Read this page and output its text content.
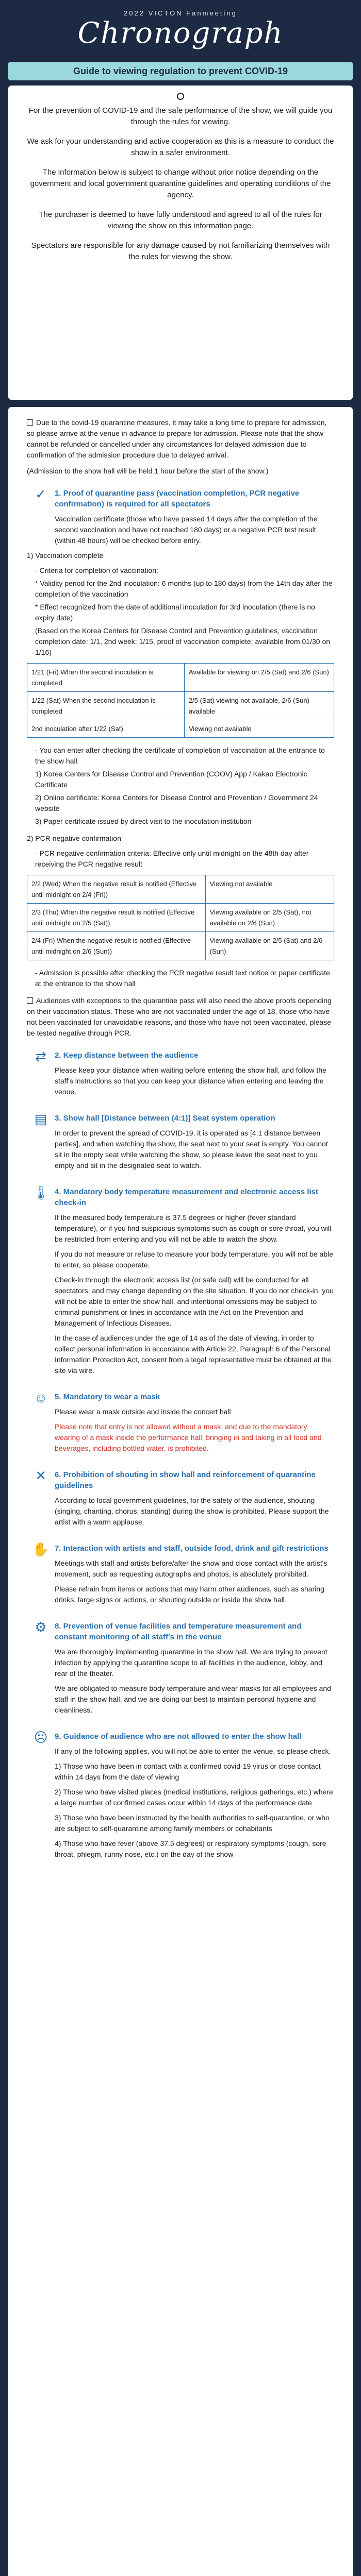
2022 VICTON Fanmeeting
Chronograph
Guide to viewing regulation to prevent COVID-19

For the prevention of COVID-19 and the safe performance of the show, we will guide you through the rules for viewing.

We ask for your understanding and active cooperation as this is a measure to conduct the show in a safer environment.

The information below is subject to change without prior notice depending on the government and local government quarantine guidelines and operating conditions of the agency.

The purchaser is deemed to have fully understood and agreed to all of the rules for viewing the show on this information page.

Spectators are responsible for any damage caused by not familiarizing themselves with the rules for viewing the show.

Due to the covid-19 quarantine measures, it may take a long time to prepare for admission, so please arrive at the venue in advance to prepare for admission. Please note that the show cannot be refunded or cancelled under any circumstances for delayed admission due to confirmation of the admission procedure due to delayed arrival.
(Admission to the show hall will be held 1 hour before the start of the show.)
✓	1. Proof of quarantine pass (vaccination completion, PCR negative confirmation) is required for all spectators
Vaccination certificate (those who have passed 14 days after the completion of the second vaccination and have not reached 180 days) or a negative PCR test result (within 48 hours) will be checked before entry.
1) Vaccination complete
- Criteria for completion of vaccination:
* Validity period for the 2nd inoculation: 6 months (up to 180 days) from the 14th day after the completion of the vaccination
* Effect recognized from the date of additional inoculation for 3rd inoculation (there is no expiry date)
(Based on the Korea Centers for Disease Control and Prevention guidelines, vaccination completion date: 1/1, 2nd week: 1/15, proof of vaccination complete: available from 01/30 on 1/16)
1/21 (Fri) When the second inoculation is completed	Available for viewing on 2/5 (Sat) and 2/6 (Sun)
1/22 (Sat) When the second inoculation is completed	2/5 (Sat) viewing not available, 2/6 (Sun) available
2nd inoculation after 1/22 (Sat)	Viewing not available
- You can enter after checking the certificate of completion of vaccination at the entrance to the show hall
1) Korea Centers for Disease Control and Prevention (COOV) App / Kakao Electronic Certificate
2) Online certificate: Korea Centers for Disease Control and Prevention / Government 24 website
3) Paper certificate issued by direct visit to the inoculation institution
2) PCR negative confirmation
- PCR negative confirmation criteria: Effective only until midnight on the 48th day after receiving the PCR negative result
2/2 (Wed) When the negative result is notified (Effective until midnight on 2/4 (Fri))	Viewing not available
2/3 (Thu) When the negative result is notified (Effective until midnight on 2/5 (Sat))	Viewing available on 2/5 (Sat), not available on 2/6 (Sun)
2/4 (Fri) When the negative result is notified (Effective until midnight on 2/6 (Sun))	Viewing available on 2/5 (Sat) and 2/6 (Sun)
- Admission is possible after checking the PCR negative result text notice or paper certificate at the entrance to the show hall
Audiences with exceptions to the quarantine pass will also need the above proofs depending on their vaccination status. Those who are not vaccinated under the age of 18, those who have not been vaccinated for unavoidable reasons, and those who have not been vaccinated, please be tested negative through PCR.
⇄	2. Keep distance between the audience
Please keep your distance when waiting before entering the show hall, and follow the staff's instructions so that you can keep your distance when entering and leaving the venue.
▤ 3. Show hall [Distance between (4:1)] Seat system operation
In order to prevent the spread of COVID-19, it is operated as [4:1 distance between parties], and when watching the show, the seat next to your seat is empty. You cannot sit in the empty seat while watching the show, so please leave the seat next to you empty and sit in the designated seat to watch.
🌡 4. Mandatory body temperature measurement and electronic access list check-in
If the measured body temperature is 37.5 degrees or higher (fever standard temperature), or if you find suspicious symptoms such as cough or sore throat, you will be restricted from entering and you will not be able to watch the show.
If you do not measure or refuse to measure your body temperature, you will not be able to enter, so please cooperate.
Check-in through the electronic access list (or safe call) will be conducted for all spectators, and may change depending on the site situation. If you do not check-in, you will not be able to enter the show hall, and intentional omissions may be subject to criminal punishment or fines in accordance with the Act on the Prevention and Management of Infectious Diseases.
In the case of audiences under the age of 14 as of the date of viewing, in order to collect personal information in accordance with Article 22, Paragraph 6 of the Personal Information Protection Act, consent from a legal representative must be obtained at the site via wire.
☺ 5. Mandatory to wear a mask
Please wear a mask outside and inside the concert hall
Please note that entry is not allowed without a mask, and due to the mandatory wearing of a mask inside the performance hall, bringing in and taking in all food and beverages, including bottled water, is prohibited.
✕	6. Prohibition of shouting in show hall and reinforcement of quarantine guidelines
According to local government guidelines, for the safety of the audience, shouting (singing, chanting, chorus, standing) during the show is prohibited. Please support the artist with a warm applause.
✋ 7. Interaction with artists and staff, outside food, drink and gift restrictions
Meetings with staff and artists before/after the show and close contact with the artist's movement, such as requesting autographs and photos, is absolutely prohibited.
Please refrain from items or actions that may harm other audiences, such as sharing drinks, large signs or actions, or shouting outside or inside the show hall.
⚙	8. Prevention of venue facilities and temperature measurement and constant monitoring of all staff's in the venue
We are thoroughly implementing quarantine in the show hall. We are trying to prevent infection by applying the quarantine scope to all facilities in the audience, lobby, and rear of the theater.
We are obligated to measure body temperature and wear masks for all employees and staff in the show hall, and we are doing our best to maintain personal hygiene and cleanliness.
☹ 9. Guidance of audience who are not allowed to enter the show hall
If any of the following applies, you will not be able to enter the venue, so please check.
1) Those who have been in contact with a confirmed covid-19 virus or close contact within 14 days from the date of viewing
2) Those who have visited places (medical institutions, religious gatherings, etc.) where a large number of confirmed cases occur within 14 days of the performance date
3) Those who have been instructed by the health authorities to self-quarantine, or who are subject to self-quarantine among family members or cohabitants
4) Those who have fever (above 37.5 degrees) or respiratory symptoms (cough, sore throat, phlegm, runny nose, etc.) on the day of the show
